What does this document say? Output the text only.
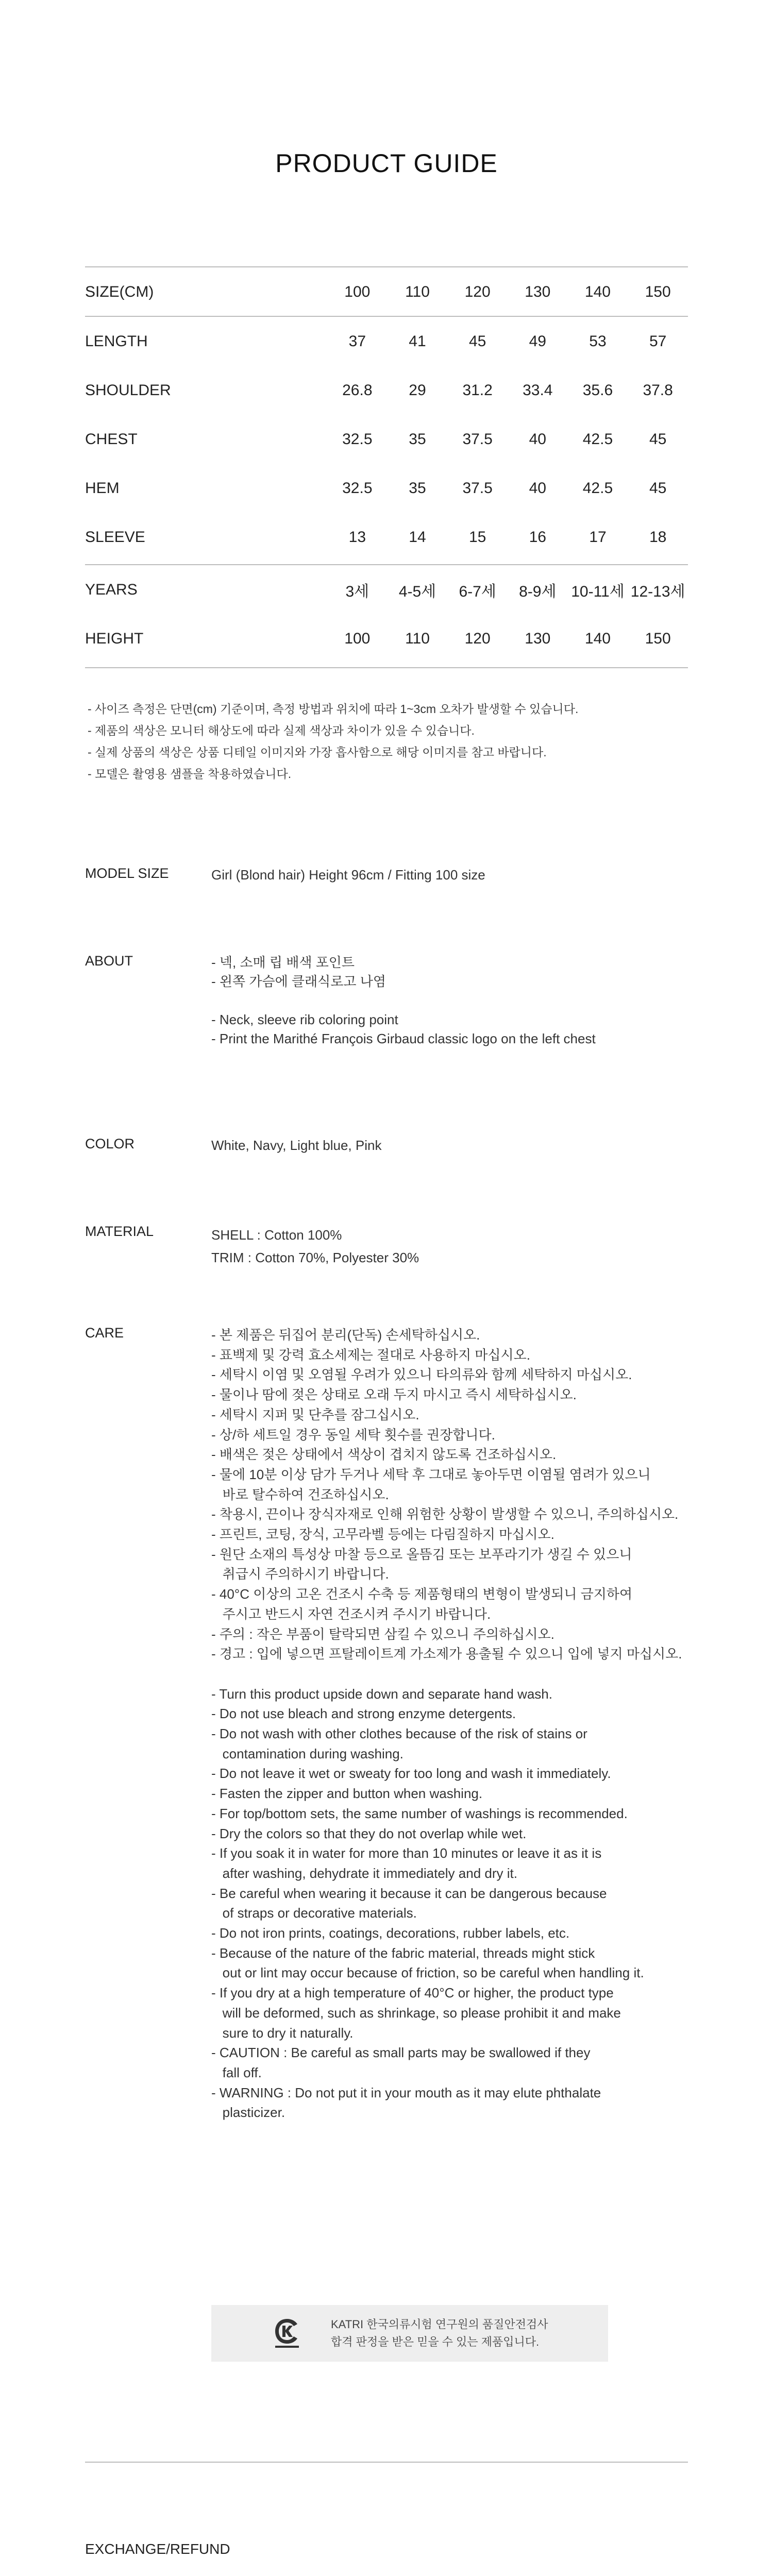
PRODUCT GUIDE
SIZE(CM)	100	110	120	130	140	150
LENGTH	37	41	45	49	53	57
SHOULDER	26.8	29	31.2	33.4	35.6	37.8
CHEST	32.5	35	37.5	40	42.5	45
HEM	32.5	35	37.5	40	42.5	45
SLEEVE	13	14	15	16	17	18
YEARS	3세	4-5세	6-7세	8-9세	10-11세	12-13세
HEIGHT	100	110	120	130	140	150
- 사이즈 측정은 단면(cm) 기준이며, 측정 방법과 위치에 따라 1~3cm 오차가 발생할 수 있습니다.
- 제품의 색상은 모니터 해상도에 따라 실제 색상과 차이가 있을 수 있습니다.
- 실제 상품의 색상은 상품 디테일 이미지와 가장 흡사함으로 해당 이미지를 참고 바랍니다.
- 모델은 촬영용 샘플을 착용하였습니다.
MODEL SIZE	Girl (Blond hair) Height 96cm / Fitting 100 size
ABOUT	- 넥, 소매 립 배색 포인트
- 왼쪽 가슴에 클래식로고 나염
- Neck, sleeve rib coloring point
- Print the Marithé François Girbaud classic logo on the left chest
COLOR	White, Navy, Light blue, Pink
MATERIAL	SHELL : Cotton 100%
TRIM : Cotton 70%, Polyester 30%
CARE	- 본 제품은 뒤집어 분리(단독) 손세탁하십시오.
- 표백제 및 강력 효소세제는 절대로 사용하지 마십시오.
- 세탁시 이염 및 오염될 우려가 있으니 타의류와 함께 세탁하지 마십시오.
- 물이나 땀에 젖은 상태로 오래 두지 마시고 즉시 세탁하십시오.
- 세탁시 지퍼 및 단추를 잠그십시오.
- 상/하 세트일 경우 동일 세탁 횟수를 권장합니다.
- 배색은 젖은 상태에서 색상이 겹치지 않도록 건조하십시오.
- 물에 10분 이상 담가 두거나 세탁 후 그대로 놓아두면 이염될 염려가 있으니
바로 탈수하여 건조하십시오.
- 착용시, 끈이나 장식자재로 인해 위험한 상황이 발생할 수 있으니, 주의하십시오.
- 프린트, 코팅, 장식, 고무라벨 등에는 다림질하지 마십시오.
- 원단 소재의 특성상 마찰 등으로 올뜸김 또는 보푸라기가 생길 수 있으니
취급시 주의하시기 바랍니다.
- 40°C 이상의 고온 건조시 수축 등 제품형태의 변형이 발생되니 금지하여
주시고 반드시 자연 건조시켜 주시기 바랍니다.
- 주의 : 작은 부품이 탈락되면 삼킬 수 있으니 주의하십시오.
- 경고 : 입에 넣으면 프탈레이트계 가소제가 용출될 수 있으니 입에 넣지 마십시오.
- Turn this product upside down and separate hand wash.
- Do not use bleach and strong enzyme detergents.
- Do not wash with other clothes because of the risk of stains or
contamination during washing.
- Do not leave it wet or sweaty for too long and wash it immediately.
- Fasten the zipper and button when washing.
- For top/bottom sets, the same number of washings is recommended.
- Dry the colors so that they do not overlap while wet.
- If you soak it in water for more than 10 minutes or leave it as it is
after washing, dehydrate it immediately and dry it.
- Be careful when wearing it because it can be dangerous because
of straps or decorative materials.
- Do not iron prints, coatings, decorations, rubber labels, etc.
- Because of the nature of the fabric material, threads might stick
out or lint may occur because of friction, so be careful when handling it.
- If you dry at a high temperature of 40°C or higher, the product type
will be deformed, such as shrinkage, so please prohibit it and make
sure to dry it naturally.
- CAUTION : Be careful as small parts may be swallowed if they
fall off.
- WARNING : Do not put it in your mouth as it may elute phthalate
plasticizer.
KATRI 한국의류시험 연구원의 품질안전검사
합격 판정을 받은 믿을 수 있는 제품입니다.
EXCHANGE/REFUND
